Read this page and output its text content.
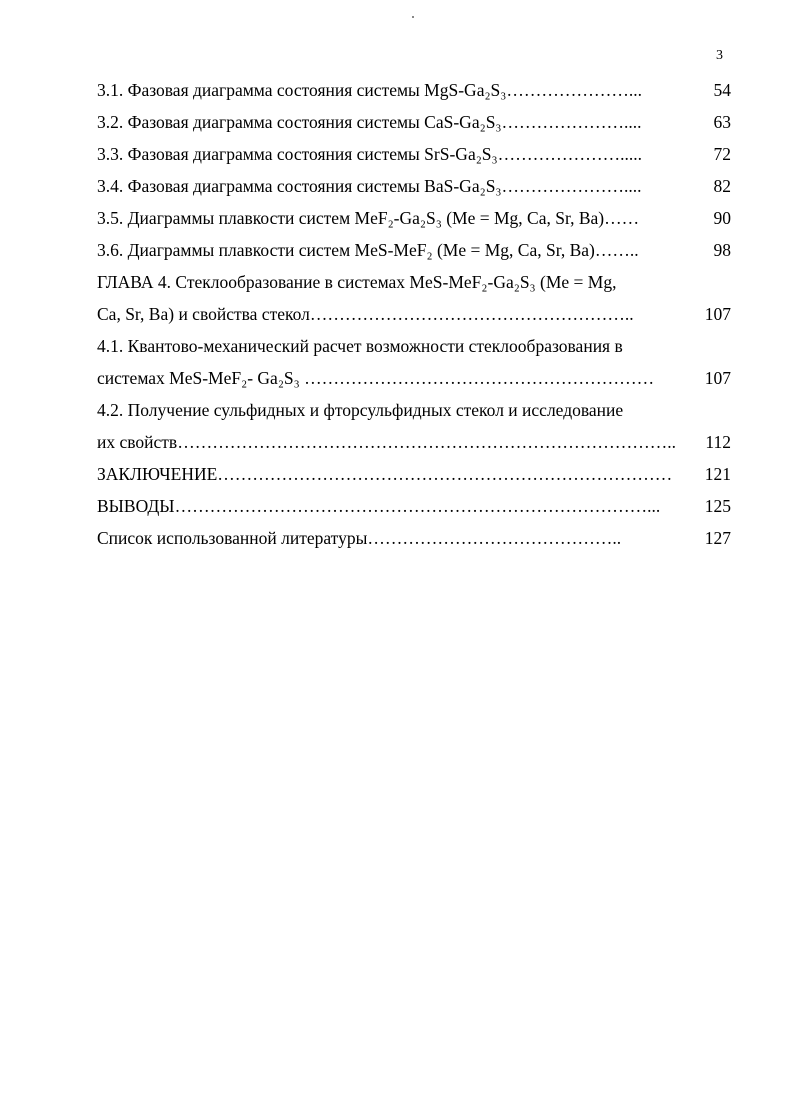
3
3.1. Фазовая диаграмма состояния системы MgS-Ga₂S₃…………………...	54
3.2. Фазовая диаграмма состояния системы CaS-Ga₂S₃…………………....	63
3.3. Фазовая диаграмма состояния системы SrS-Ga₂S₃………………….....	72
3.4. Фазовая диаграмма состояния системы BaS-Ga₂S₃…………………....	82
3.5. Диаграммы плавкости систем MeF₂-Ga₂S₃ (Me = Mg, Ca, Sr, Ba)……	90
3.6. Диаграммы плавкости систем MeS-MeF₂ (Me = Mg, Ca, Sr, Ba)……..	98
ГЛАВА 4. Стеклообразование в системах MeS-MeF₂-Ga₂S₃ (Me = Mg,
Ca, Sr, Ba) и свойства стекол………………………………………………..	107
4.1. Квантово-механический расчет возможности стеклообразования в
системах MeS-MeF₂- Ga₂S₃ ……………………………………………………	107
4.2. Получение сульфидных и фторсульфидных стекол и исследование
их свойств…………………………………………………………………………..	112
ЗАКЛЮЧЕНИЕ……………………………………………………………………	121
ВЫВОДЫ………………………………………………………………………...	125
Список использованной литературы……………………………………..	127
